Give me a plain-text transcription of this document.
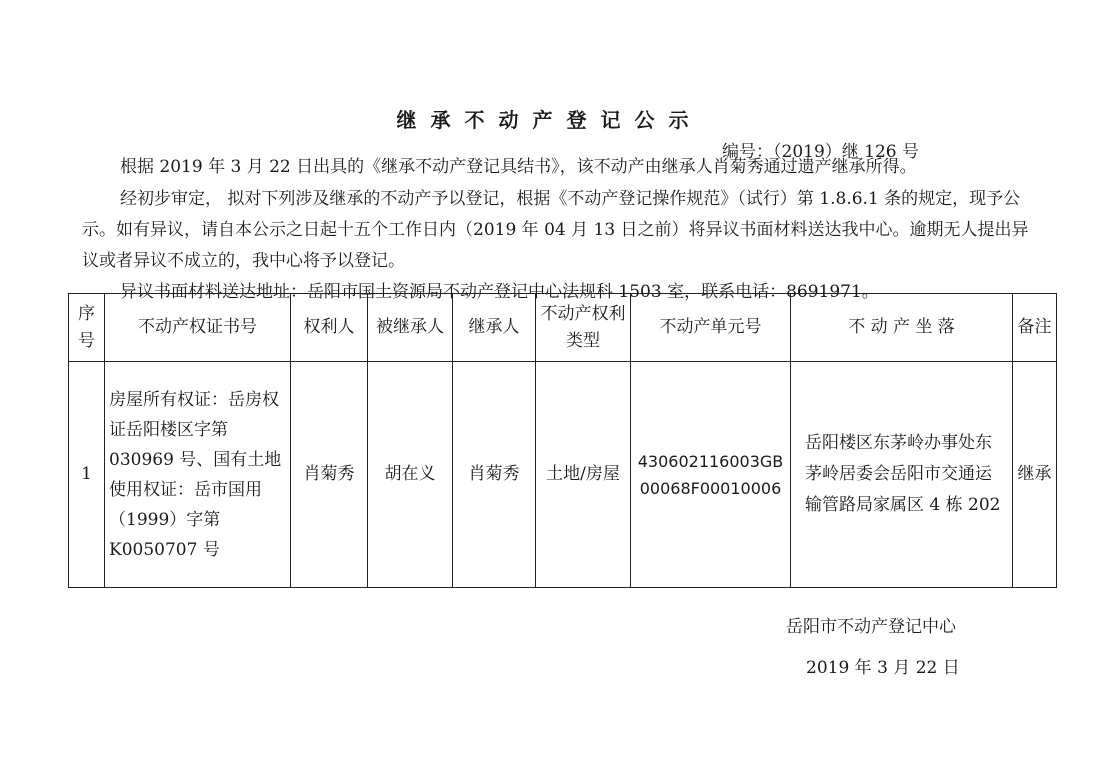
继承不动产登记公示
编号：（2019）继 126 号
根据 2019 年 3 月 22 日出具的《继承不动产登记具结书》，该不动产由继承人肖菊秀通过遗产继承所得。
经初步审定， 拟对下列涉及继承的不动产予以登记，根据《不动产登记操作规范》（试行）第 1.8.6.1 条的规定，现予公示。如有异议，请自本公示之日起十五个工作日内（2019 年 04 月 13 日之前）将异议书面材料送达我中心。逾期无人提出异议或者异议不成立的，我中心将予以登记。
异议书面材料送达地址：岳阳市国土资源局不动产登记中心法规科 1503 室，联系电话：8691971。
序号	不动产权证书号	权利人	被继承人	继承人	不动产权利类型	不动产单元号	不 动 产 坐 落	备注
1	房屋所有权证：岳房权证岳阳楼区字第 030969 号、国有土地使用权证：岳市国用（1999）字第 K0050707 号	肖菊秀	胡在义	肖菊秀	土地/房屋	430602116003GB00068F00010006	岳阳楼区东茅岭办事处东茅岭居委会岳阳市交通运输管路局家属区 4 栋 202	继承
岳阳市不动产登记中心
2019 年 3 月 22 日
